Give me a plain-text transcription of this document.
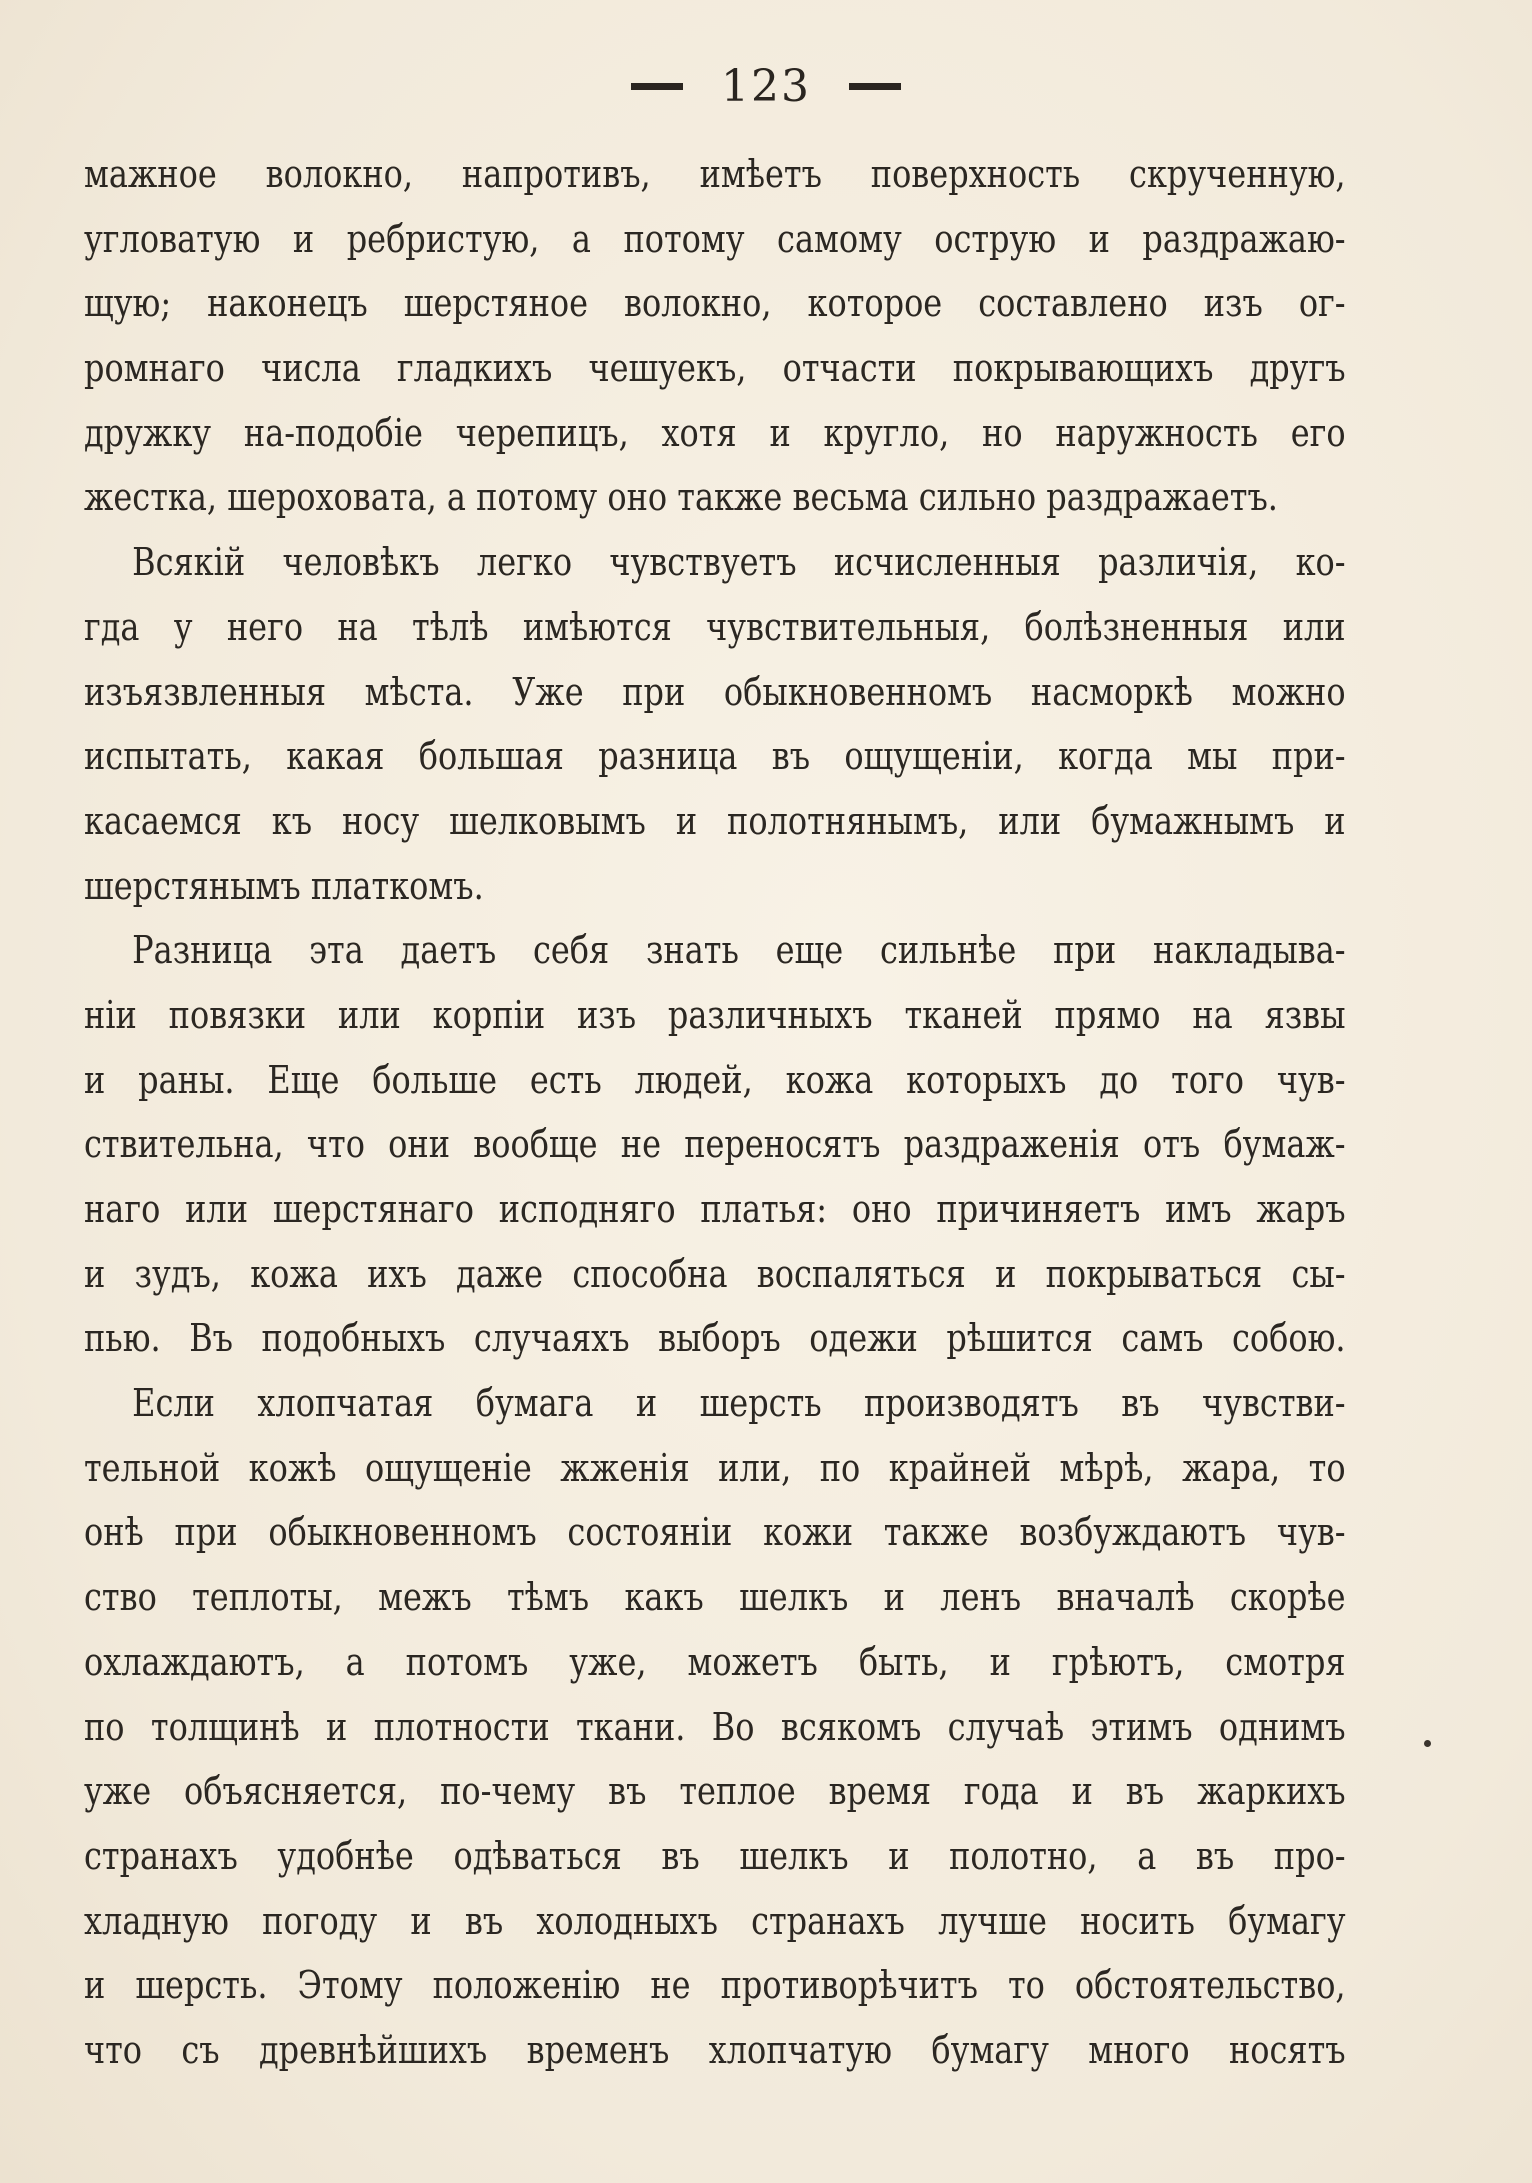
123
мажное волокно, напротивъ, имѣетъ поверхность скрученную,
угловатую и ребристую, а потому самому острую и раздражаю-
щую; наконецъ шерстяное волокно, которое составлено изъ ог-
ромнаго числа гладкихъ чешуекъ, отчасти покрывающихъ другъ
дружку на-подобіе черепицъ, хотя и кругло, но наружность его
жестка, шероховата, а потому оно также весьма сильно раздражаетъ.
Всякій человѣкъ легко чувствуетъ исчисленныя различія, ко-
гда у него на тѣлѣ имѣются чувствительныя, болѣзненныя или
изъязвленныя мѣста. Уже при обыкновенномъ насморкѣ можно
испытать, какая большая разница въ ощущеніи, когда мы при-
касаемся къ носу шелковымъ и полотнянымъ, или бумажнымъ и
шерстянымъ платкомъ.
Разница эта даетъ себя знать еще сильнѣе при накладыва-
ніи повязки или корпіи изъ различныхъ тканей прямо на язвы
и раны. Еще больше есть людей, кожа которыхъ до того чув-
ствительна, что они вообще не переносятъ раздраженія отъ бумаж-
наго или шерстянаго исподняго платья: оно причиняетъ имъ жаръ
и зудъ, кожа ихъ даже способна воспаляться и покрываться сы-
пью. Въ подобныхъ случаяхъ выборъ одежи рѣшится самъ собою.
Если хлопчатая бумага и шерсть производятъ въ чувстви-
тельной кожѣ ощущеніе жженія или, по крайней мѣрѣ, жара, то
онѣ при обыкновенномъ состояніи кожи также возбуждаютъ чув-
ство теплоты, межъ тѣмъ какъ шелкъ и ленъ вначалѣ скорѣе
охлаждаютъ, а потомъ уже, можетъ быть, и грѣютъ, смотря
по толщинѣ и плотности ткани. Во всякомъ случаѣ этимъ однимъ
уже объясняется, по-чему въ теплое время года и въ жаркихъ
странахъ удобнѣе одѣваться въ шелкъ и полотно, а въ про-
хладную погоду и въ холодныхъ странахъ лучше носить бумагу
и шерсть. Этому положенію не противорѣчитъ то обстоятельство,
что съ древнѣйшихъ временъ хлопчатую бумагу много носятъ
